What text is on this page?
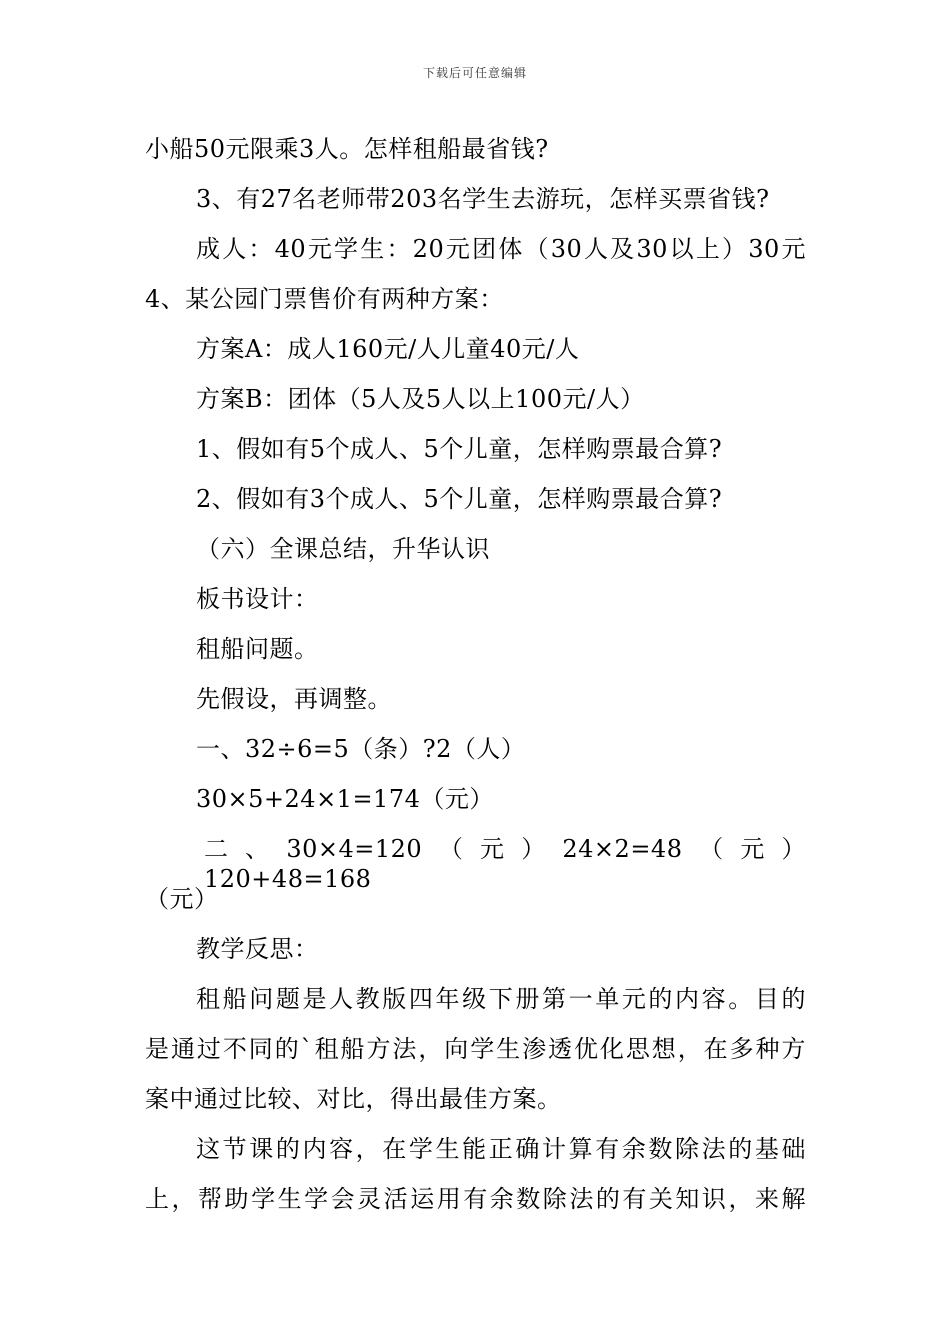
下载后可任意编辑
小船50元限乘3人。怎样租船最省钱?
3、有27名老师带203名学生去游玩，怎样买票省钱?
成人：40元学生：20元团体（30人及30以上）30元
4、某公园门票售价有两种方案：
方案A：成人160元/人儿童40元/人
方案B：团体（5人及5人以上100元/人）
1、假如有5个成人、5个儿童，怎样购票最合算?
2、假如有3个成人、5个儿童，怎样购票最合算?
（六）全课总结，升华认识
板书设计：
租船问题。
先假设，再调整。
一、32÷6=5（条）?2（人）
30×5+24×1=174（元）
二、30×4=120（元）24×2=48（元）120+48=168
（元）
教学反思：
租船问题是人教版四年级下册第一单元的内容。目的
是通过不同的`租船方法，向学生渗透优化思想，在多种方
案中通过比较、对比，得出最佳方案。
这节课的内容，在学生能正确计算有余数除法的基础
上，帮助学生学会灵活运用有余数除法的有关知识，来解
